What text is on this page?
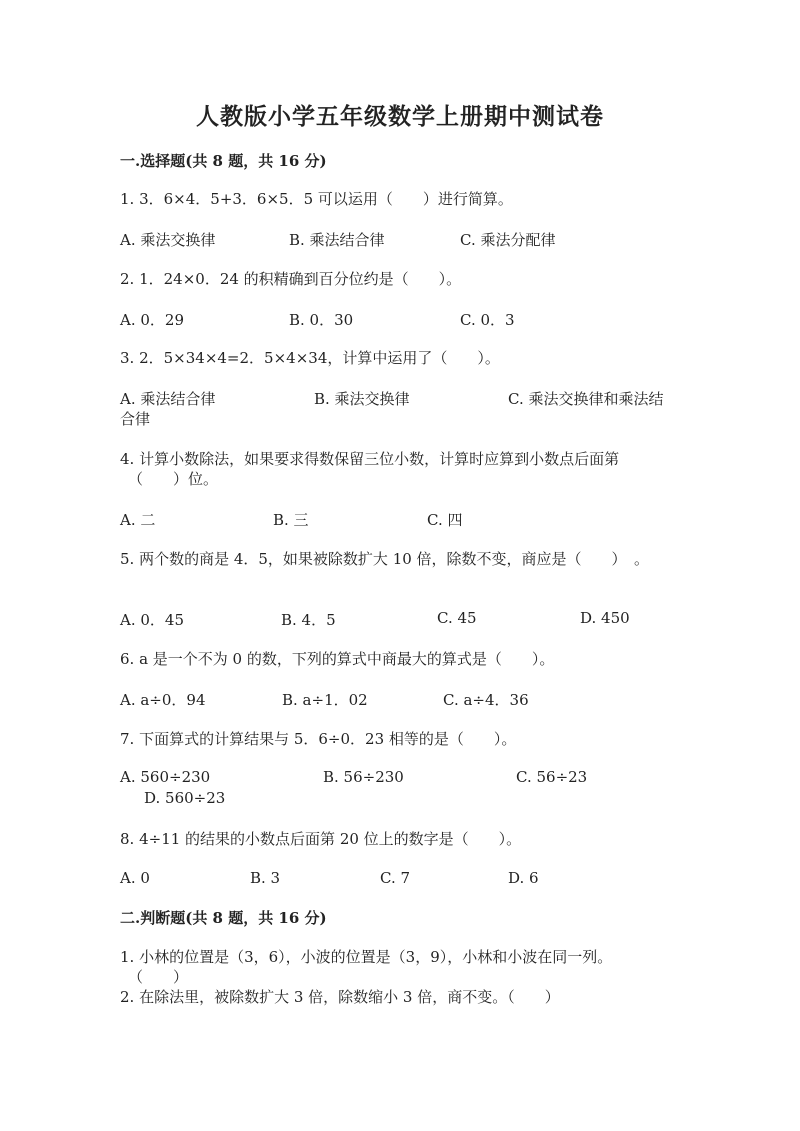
人教版小学五年级数学上册期中测试卷
一.选择题(共 8 题，共 16 分)
1. 3．6×4．5+3．6×5．5 可以运用（　　）进行简算。
A. 乘法交换律	B. 乘法结合律	C. 乘法分配律
2. 1．24×0．24 的积精确到百分位约是（　　）。
A. 0．29	B. 0．30	C. 0．3
3. 2．5×34×4=2．5×4×34，计算中运用了（　　）。
A. 乘法结合律	B. 乘法交换律	C. 乘法交换律和乘法结
合律
4. 计算小数除法，如果要求得数保留三位小数，计算时应算到小数点后面第
（　　）位。
A. 二	B. 三	C. 四
5. 两个数的商是 4．5，如果被除数扩大 10 倍，除数不变，商应是（　　）　。
A. 0．45	B. 4．5	C. 45	D. 450
6. a 是一个不为 0 的数，下列的算式中商最大的算式是（　　）。
A. a÷0．94	B. a÷1．02	C. a÷4．36
7. 下面算式的计算结果与 5．6÷0．23 相等的是（　　）。
A. 560÷230	B. 56÷230	C. 56÷23
D. 560÷23
8. 4÷11 的结果的小数点后面第 20 位上的数字是（　　）。
A. 0	B. 3	C. 7	D. 6
二.判断题(共 8 题，共 16 分)
1. 小林的位置是（3，6），小波的位置是（3，9），小林和小波在同一列。
（　　）
2. 在除法里，被除数扩大 3 倍，除数缩小 3 倍，商不变。（　　）
